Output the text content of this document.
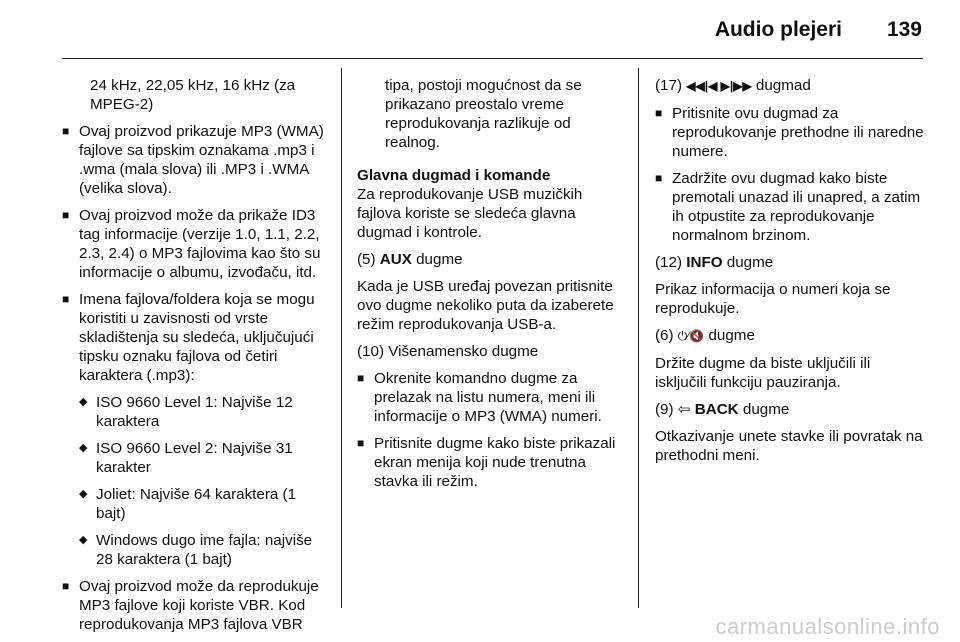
Audio plejeri 139

24 kHz, 22,05 kHz, 16 kHz (za MPEG-2)

■ Ovaj proizvod prikazuje MP3 (WMA) fajlove sa tipskim oznakama .mp3 i .wma (mala slova) ili .MP3 i .WMA (velika slova).
■ Ovaj proizvod može da prikaže ID3 tag informacije (verzije 1.0, 1.1, 2.2, 2.3, 2.4) o MP3 fajlovima kao što su informacije o albumu, izvođaču, itd.
■ Imena fajlova/foldera koja se mogu koristiti u zavisnosti od vrste skladištenja su sledeća, uključujući tipsku oznaku fajlova od četiri karaktera (.mp3):
◆ ISO 9660 Level 1: Najviše 12 karaktera
◆ ISO 9660 Level 2: Najviše 31 karakter
◆ Joliet: Najviše 64 karaktera (1 bajt)
◆ Windows dugo ime fajla: najviše 28 karaktera (1 bajt)
■ Ovaj proizvod može da reprodukuje MP3 fajlove koji koriste VBR. Kod reprodukovanja MP3 fajlova VBR

tipa, postoji mogućnost da se prikazano preostalo vreme reprodukovanja razlikuje od realnog.

Glavna dugmad i komande

Za reprodukovanje USB muzičkih fajlova koriste se sledeća glavna dugmad i kontrole.

(5) AUX dugme

Kada je USB uređaj povezan pritisnite ovo dugme nekoliko puta da izaberete režim reprodukovanja USB-a.

(10) Višenamensko dugme

■ Okrenite komandno dugme za prelazak na listu numera, meni ili informacije o MP3 (WMA) numeri.
■ Pritisnite dugme kako biste prikazali ekran menija koji nude trenutna stavka ili režim.

(17) ◀◀|◀ ▶|▶▶ dugmad

■ Pritisnite ovu dugmad za reprodukovanje prethodne ili naredne numere.
■ Zadržite ovu dugmad kako biste premotali unazad ili unapred, a zatim ih otpustite za reprodukovanje normalnom brzinom.

(12) INFO dugme

Prikaz informacija o numeri koja se reprodukuje.

(6) ⏻⁄🔇 dugme

Držite dugme da biste uključili ili isključili funkciju pauziranja.

(9) ⇦ BACK dugme

Otkazivanje unete stavke ili povratak na prethodni meni.

carmanualsonline.info
